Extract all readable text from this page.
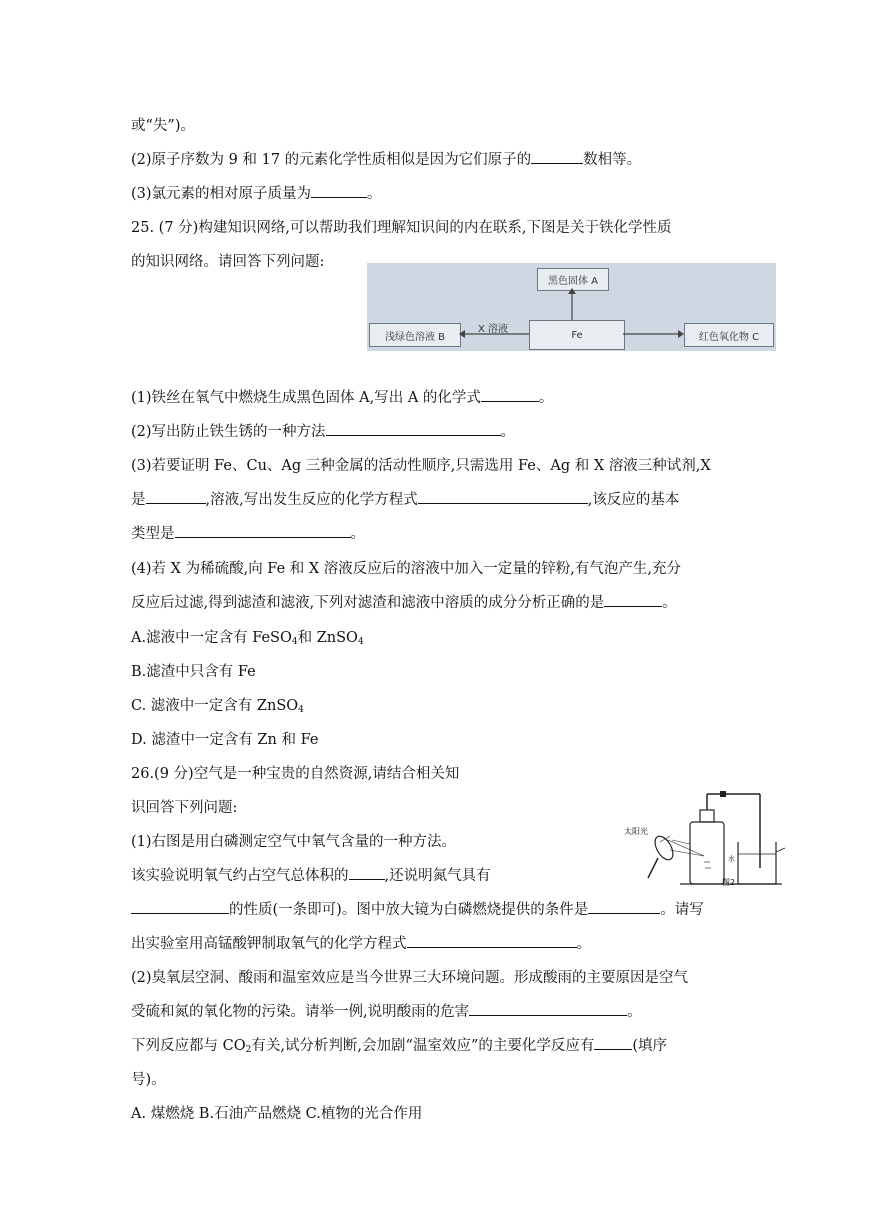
或“失”)。
(2)原子序数为 9 和 17 的元素化学性质相似是因为它们原子的	数相等。
(3)氯元素的相对原子质量为	。
25. (7 分)构建知识网络,可以帮助我们理解知识间的内在联系,下图是关于铁化学性质
的知识网络。请回答下列问题:
黑色固体 A
浅绿色溶液 B	Fe	红色氧化物 C
X 溶液
(1)铁丝在氧气中燃烧生成黑色固体 A,写出 A 的化学式	。
(2)写出防止铁生锈的一种方法	。
(3)若要证明 Fe、Cu、Ag 三种金属的活动性顺序,只需选用 Fe、Ag 和 X 溶液三种试剂,X
是	,溶液,写出发生反应的化学方程式	,该反应的基本
类型是	。
(4)若 X 为稀硫酸,向 Fe 和 X 溶液反应后的溶液中加入一定量的锌粉,有气泡产生,充分
反应后过滤,得到滤渣和滤液,下列对滤渣和滤液中溶质的成分分析正确的是	。
A.滤液中一定含有 FeSO$_4$和 ZnSO$_4$
B.滤渣中只含有 Fe
C. 滤液中一定含有 ZnSO$_4$
D. 滤渣中一定含有 Zn 和 Fe
26.(9 分)空气是一种宝贵的自然资源,请结合相关知
识回答下列问题:
(1)右图是用白磷测定空气中氧气含量的一种方法。
该实验说明氧气约占空气总体积的 ,还说明氮气具有
的性质(一条即可)。图中放大镜为白磷燃烧提供的条件是	。请写
出实验室用高锰酸钾制取氧气的化学方程式	。
(2)臭氧层空洞、酸雨和温室效应是当今世界三大环境问题。形成酸雨的主要原因是空气
受硫和氮的氧化物的污染。请举一例,说明酸雨的危害	。
下列反应都与 $CO_2$有关,试分析判断,会加剧“温室效应”的主要化学反应有	(填序
号)。
A. 煤燃烧 B.石油产品燃烧 C.植物的光合作用
太阳光
水
图2
